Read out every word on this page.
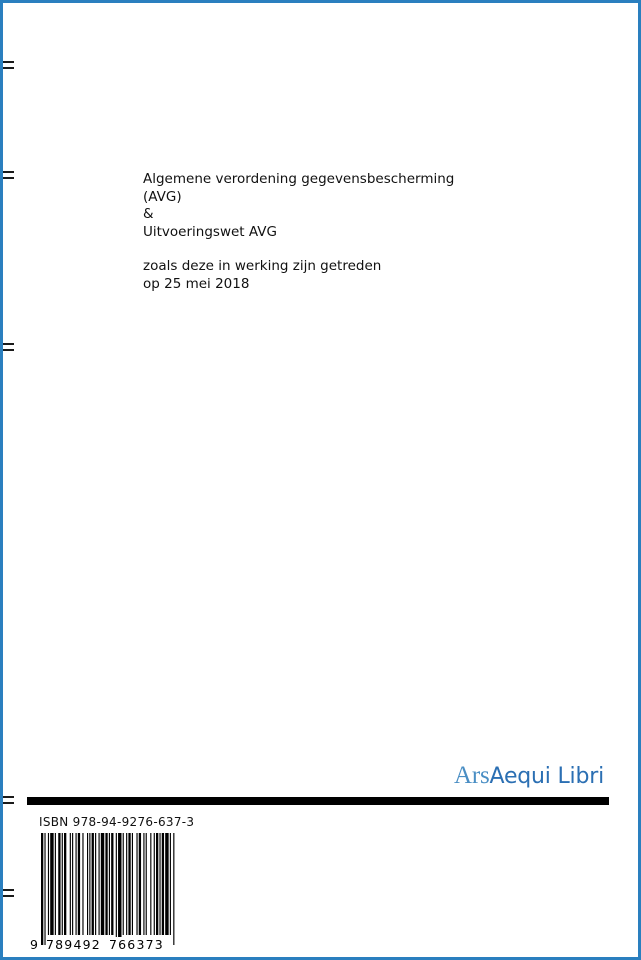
Algemene verordening gegevensbescherming
(AVG)
&
Uitvoeringswet AVG
zoals deze in werking zijn getreden
op 25 mei 2018
ArsAequi Libri
ISBN 978-94-9276-637-3
9 789492 766373
